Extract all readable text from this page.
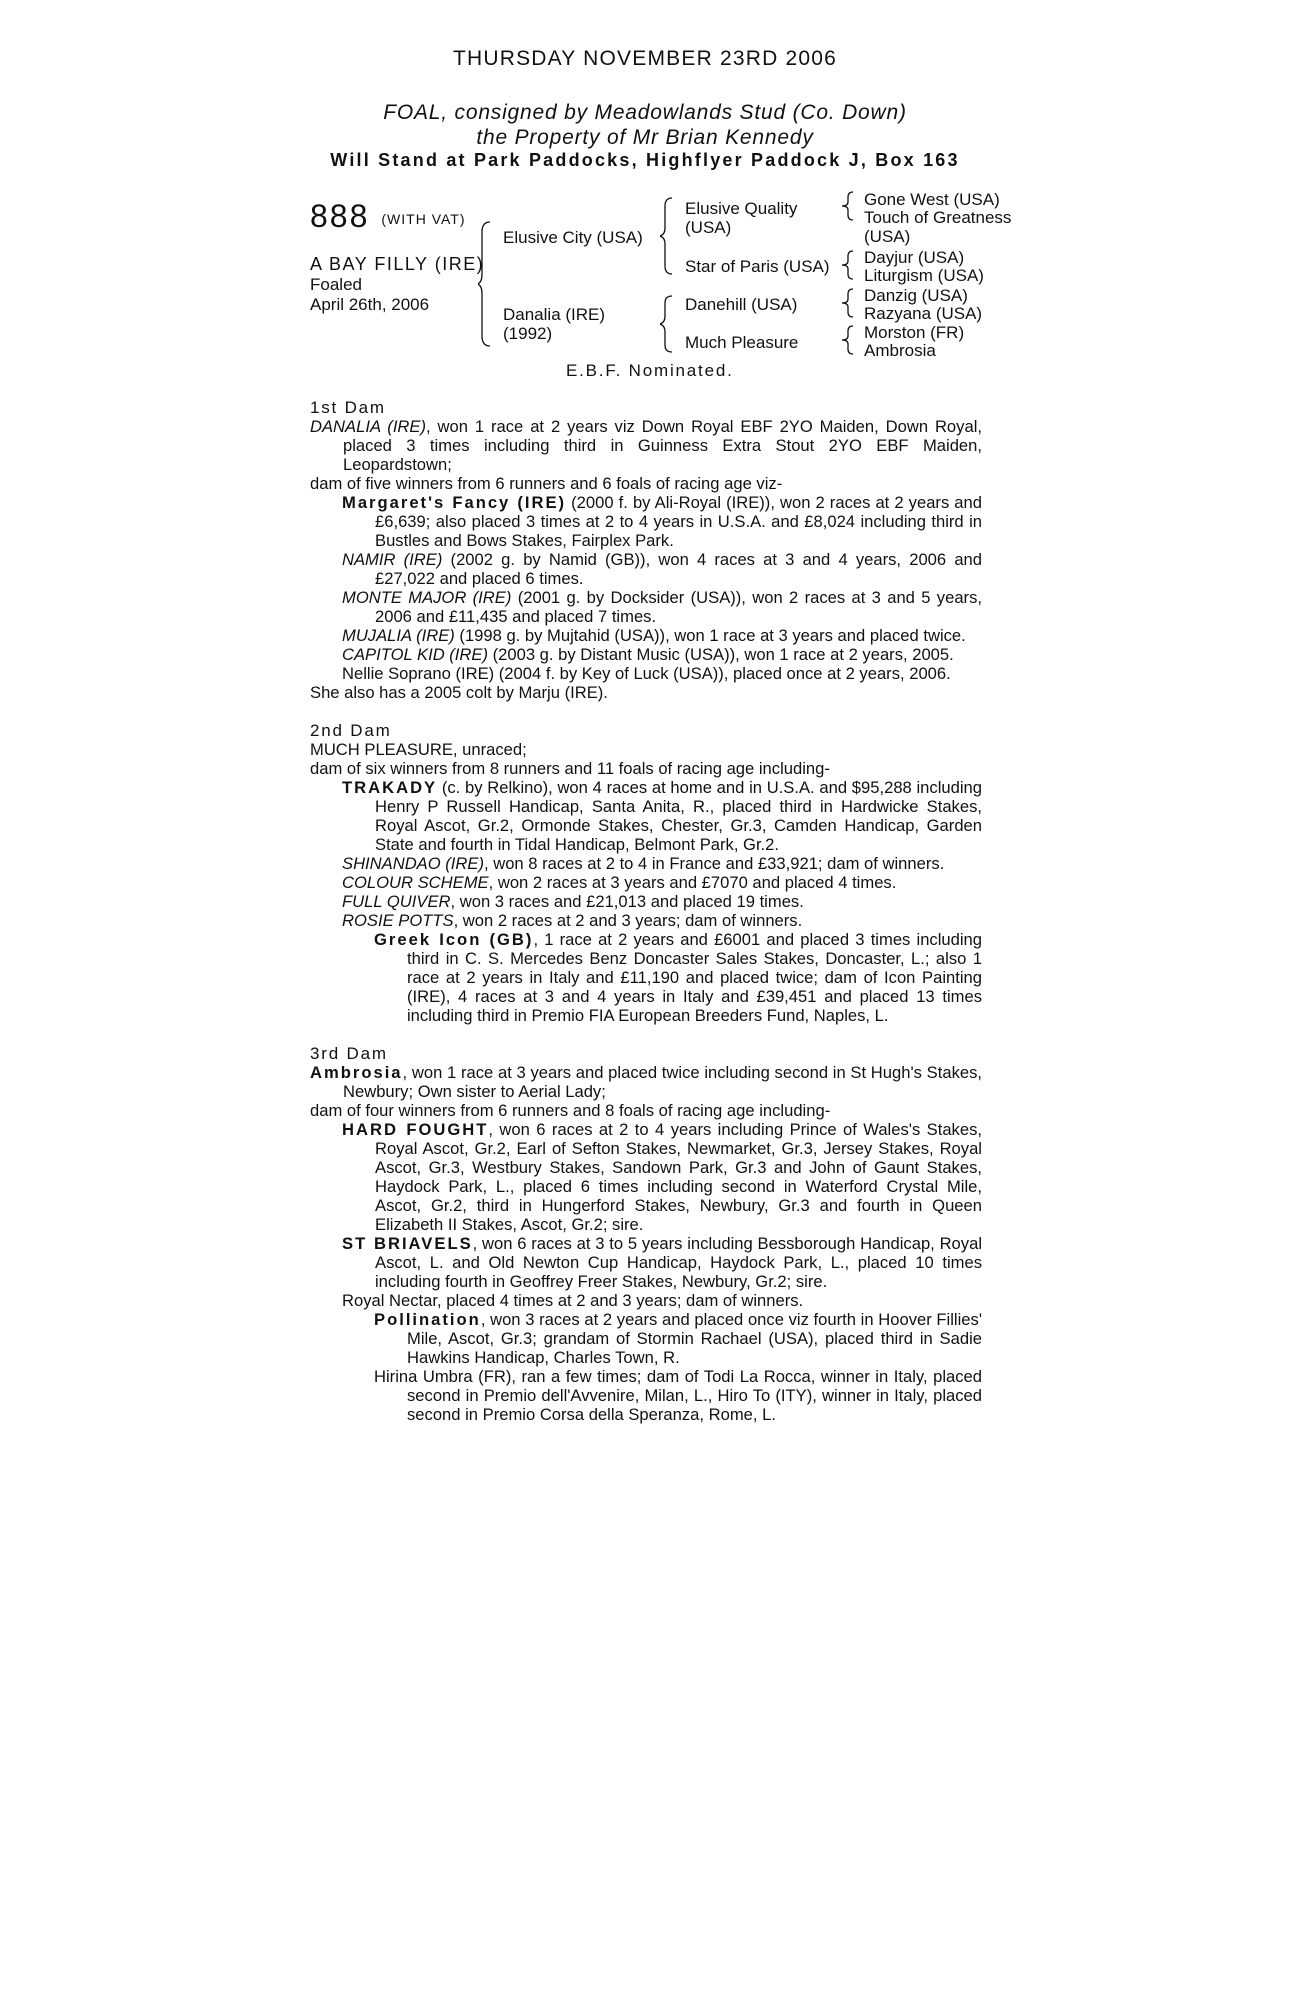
THURSDAY NOVEMBER 23RD 2006
FOAL, consigned by Meadowlands Stud (Co. Down)
the Property of Mr Brian Kennedy
Will Stand at Park Paddocks, Highflyer Paddock J, Box 163
888 (WITH VAT)
A BAY FILLY (IRE)
Foaled
April 26th, 2006
Elusive City (USA)
Danalia (IRE)
(1992)
Elusive Quality
(USA)
Star of Paris (USA)
Danehill (USA)
Much Pleasure
Gone West (USA)
Touch of Greatness
(USA)
Dayjur (USA)
Liturgism (USA)
Danzig (USA)
Razyana (USA)
Morston (FR)
Ambrosia
E.B.F. Nominated.

1st Dam

DANALIA (IRE), won 1 race at 2 years viz Down Royal EBF 2YO Maiden, Down Royal, placed 3 times including third in Guinness Extra Stout 2YO EBF Maiden, Leopardstown;

dam of five winners from 6 runners and 6 foals of racing age viz-

Margaret's Fancy (IRE) (2000 f. by Ali-Royal (IRE)), won 2 races at 2 years and £6,639; also placed 3 times at 2 to 4 years in U.S.A. and £8,024 including third in Bustles and Bows Stakes, Fairplex Park.

NAMIR (IRE) (2002 g. by Namid (GB)), won 4 races at 3 and 4 years, 2006 and £27,022 and placed 6 times.

MONTE MAJOR (IRE) (2001 g. by Docksider (USA)), won 2 races at 3 and 5 years, 2006 and £11,435 and placed 7 times.

MUJALIA (IRE) (1998 g. by Mujtahid (USA)), won 1 race at 3 years and placed twice.

CAPITOL KID (IRE) (2003 g. by Distant Music (USA)), won 1 race at 2 years, 2005.

Nellie Soprano (IRE) (2004 f. by Key of Luck (USA)), placed once at 2 years, 2006.

She also has a 2005 colt by Marju (IRE).

2nd Dam

MUCH PLEASURE, unraced;

dam of six winners from 8 runners and 11 foals of racing age including-

TRAKADY (c. by Relkino), won 4 races at home and in U.S.A. and $95,288 including Henry P Russell Handicap, Santa Anita, R., placed third in Hardwicke Stakes, Royal Ascot, Gr.2, Ormonde Stakes, Chester, Gr.3, Camden Handicap, Garden State and fourth in Tidal Handicap, Belmont Park, Gr.2.

SHINANDAO (IRE), won 8 races at 2 to 4 in France and £33,921; dam of winners.

COLOUR SCHEME, won 2 races at 3 years and £7070 and placed 4 times.

FULL QUIVER, won 3 races and £21,013 and placed 19 times.

ROSIE POTTS, won 2 races at 2 and 3 years; dam of winners.

Greek Icon (GB), 1 race at 2 years and £6001 and placed 3 times including third in C. S. Mercedes Benz Doncaster Sales Stakes, Doncaster, L.; also 1 race at 2 years in Italy and £11,190 and placed twice; dam of Icon Painting (IRE), 4 races at 3 and 4 years in Italy and £39,451 and placed 13 times including third in Premio FIA European Breeders Fund, Naples, L.

3rd Dam

Ambrosia, won 1 race at 3 years and placed twice including second in St Hugh's Stakes, Newbury; Own sister to Aerial Lady;

dam of four winners from 6 runners and 8 foals of racing age including-

HARD FOUGHT, won 6 races at 2 to 4 years including Prince of Wales's Stakes, Royal Ascot, Gr.2, Earl of Sefton Stakes, Newmarket, Gr.3, Jersey Stakes, Royal Ascot, Gr.3, Westbury Stakes, Sandown Park, Gr.3 and John of Gaunt Stakes, Haydock Park, L., placed 6 times including second in Waterford Crystal Mile, Ascot, Gr.2, third in Hungerford Stakes, Newbury, Gr.3 and fourth in Queen Elizabeth II Stakes, Ascot, Gr.2; sire.

ST BRIAVELS, won 6 races at 3 to 5 years including Bessborough Handicap, Royal Ascot, L. and Old Newton Cup Handicap, Haydock Park, L., placed 10 times including fourth in Geoffrey Freer Stakes, Newbury, Gr.2; sire.

Royal Nectar, placed 4 times at 2 and 3 years; dam of winners.

Pollination, won 3 races at 2 years and placed once viz fourth in Hoover Fillies' Mile, Ascot, Gr.3; grandam of Stormin Rachael (USA), placed third in Sadie Hawkins Handicap, Charles Town, R.

Hirina Umbra (FR), ran a few times; dam of Todi La Rocca, winner in Italy, placed second in Premio dell'Avvenire, Milan, L., Hiro To (ITY), winner in Italy, placed second in Premio Corsa della Speranza, Rome, L.
